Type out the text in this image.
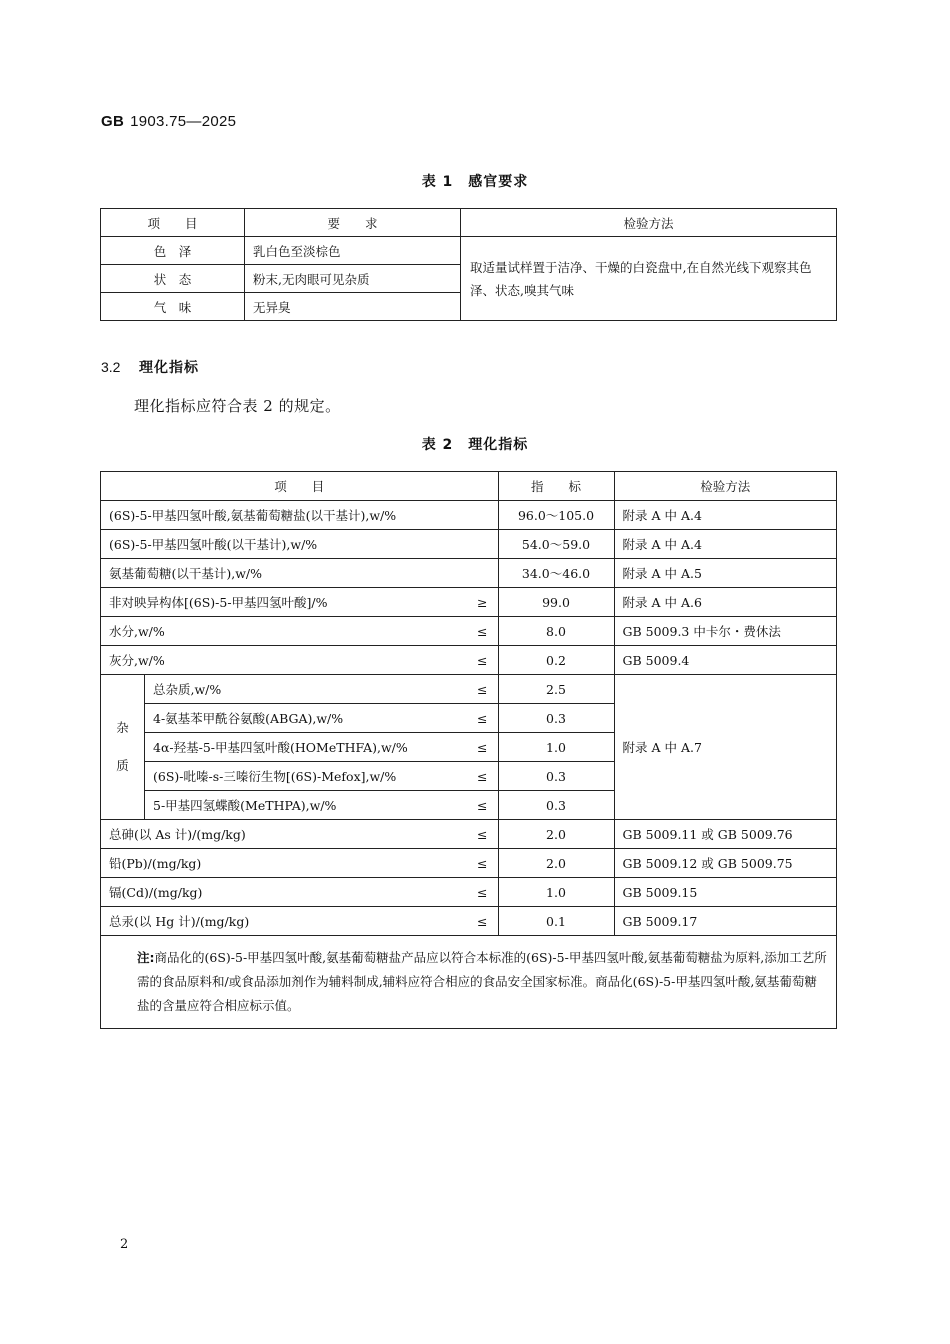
GB 1903.75—2025
表 1　感官要求
项　　目	要　　求	检验方法
色　泽	乳白色至淡棕色	取适量试样置于洁净、干燥的白瓷盘中,在自然光线下观察其色泽、状态,嗅其气味
状　态	粉末,无肉眼可见杂质	
气　味	无异臭	
3.2 理化指标
理化指标应符合表 2 的规定。
表 2　理化指标
项　　目			指　　标	检验方法
(6S)-5-甲基四氢叶酸,氨基葡萄糖盐(以干基计),w/%			96.0～105.0	附录 A 中 A.4
(6S)-5-甲基四氢叶酸(以干基计),w/%			54.0～59.0	附录 A 中 A.4
氨基葡萄糖(以干基计),w/%			34.0～46.0	附录 A 中 A.5
非对映异构体[(6S)-5-甲基四氢叶酸]/%		≥	99.0	附录 A 中 A.6
水分,w/%		≤	8.0	GB 5009.3 中卡尔・费休法
灰分,w/%		≤	0.2	GB 5009.4
杂
质	总杂质,w/%	≤	2.5	附录 A 中 A.7
	4-氨基苯甲酰谷氨酸(ABGA),w/%	≤	0.3	
	4α-羟基-5-甲基四氢叶酸(HOMeTHFA),w/%	≤	1.0	
	(6S)-吡嗪-s-三嗪衍生物[(6S)-Mefox],w/%	≤	0.3	
	5-甲基四氢蝶酸(MeTHPA),w/%	≤	0.3	
总砷(以 As 计)/(mg/kg)		≤	2.0	GB 5009.11 或 GB 5009.76
铅(Pb)/(mg/kg)		≤	2.0	GB 5009.12 或 GB 5009.75
镉(Cd)/(mg/kg)		≤	1.0	GB 5009.15
总汞(以 Hg 计)/(mg/kg)		≤	0.1	GB 5009.17
注:商品化的(6S)-5-甲基四氢叶酸,氨基葡萄糖盐产品应以符合本标准的(6S)-5-甲基四氢叶酸,氨基葡萄糖盐为原料,添加工艺所需的食品原料和/或食品添加剂作为辅料制成,辅料应符合相应的食品安全国家标准。商品化(6S)-5-甲基四氢叶酸,氨基葡萄糖盐的含量应符合相应标示值。				
2
